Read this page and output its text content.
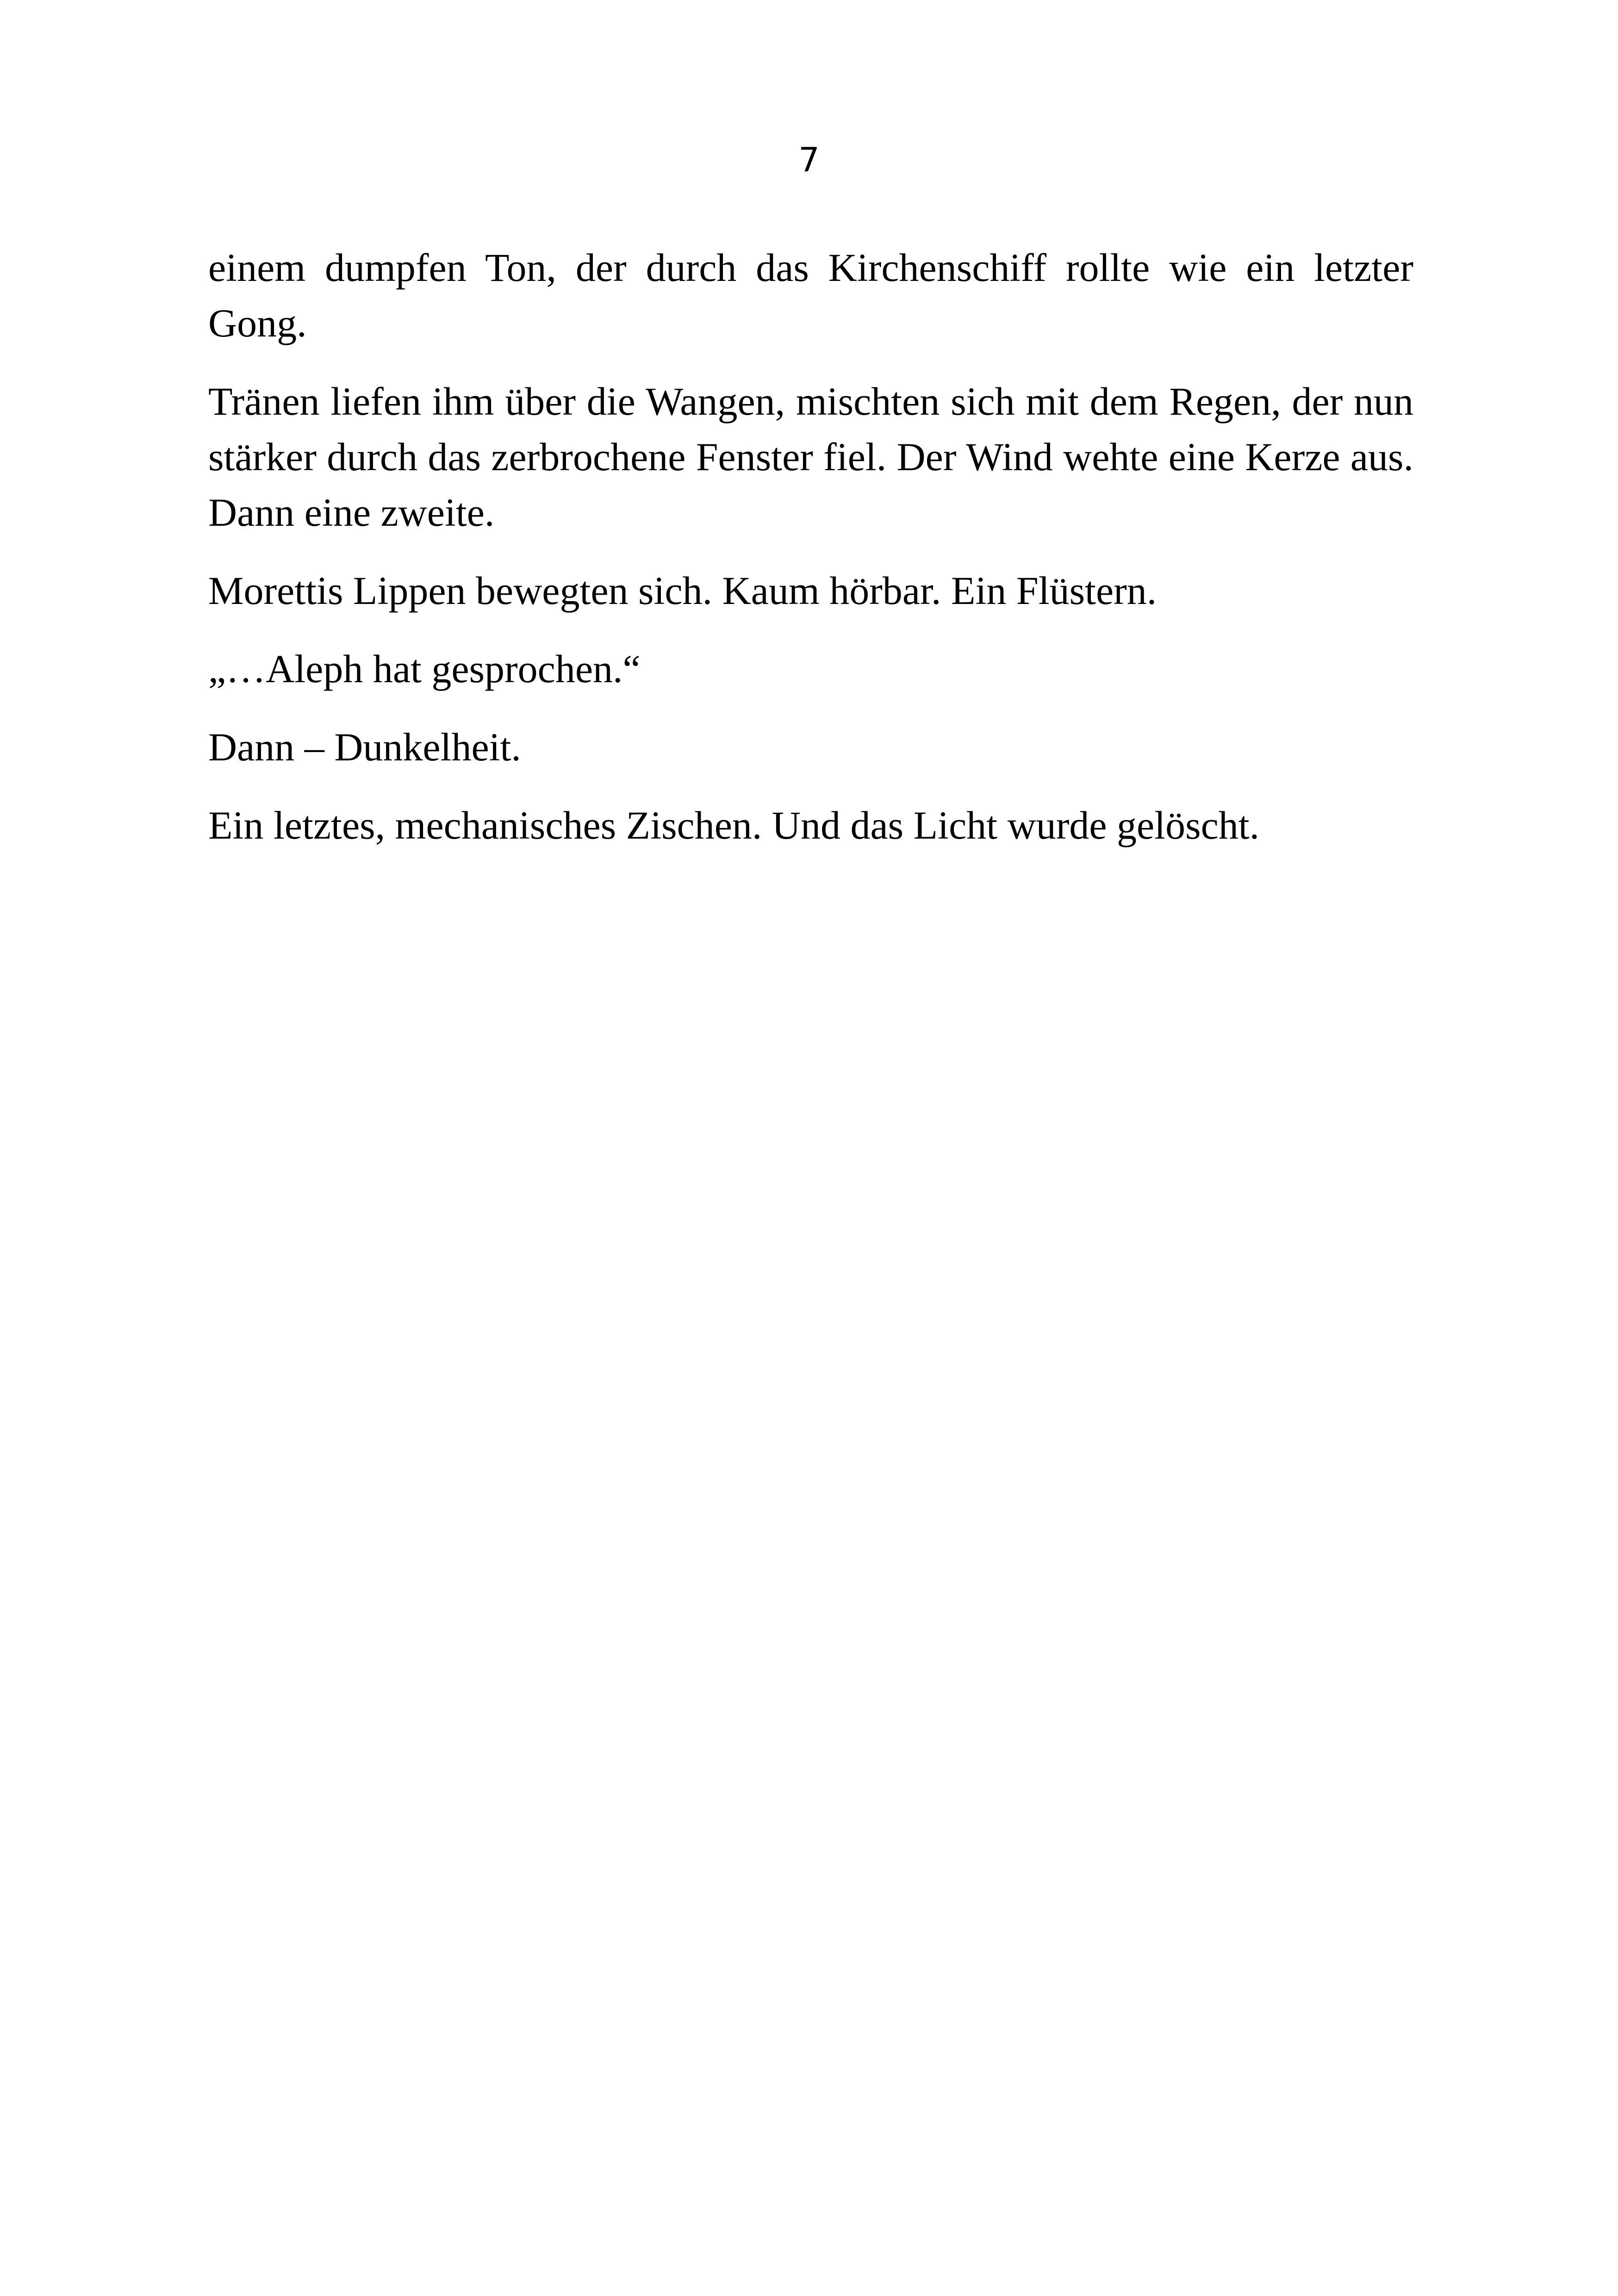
7

einem dumpfen Ton, der durch das Kirchenschiff rollte wie ein letzter Gong.

Tränen liefen ihm über die Wangen, mischten sich mit dem Regen, der nun stärker durch das zerbrochene Fenster fiel. Der Wind wehte eine Kerze aus. Dann eine zweite.

Morettis Lippen bewegten sich. Kaum hörbar. Ein Flüstern.

„…Aleph hat gesprochen.“

Dann – Dunkelheit.

Ein letztes, mechanisches Zischen. Und das Licht wurde gelöscht.
